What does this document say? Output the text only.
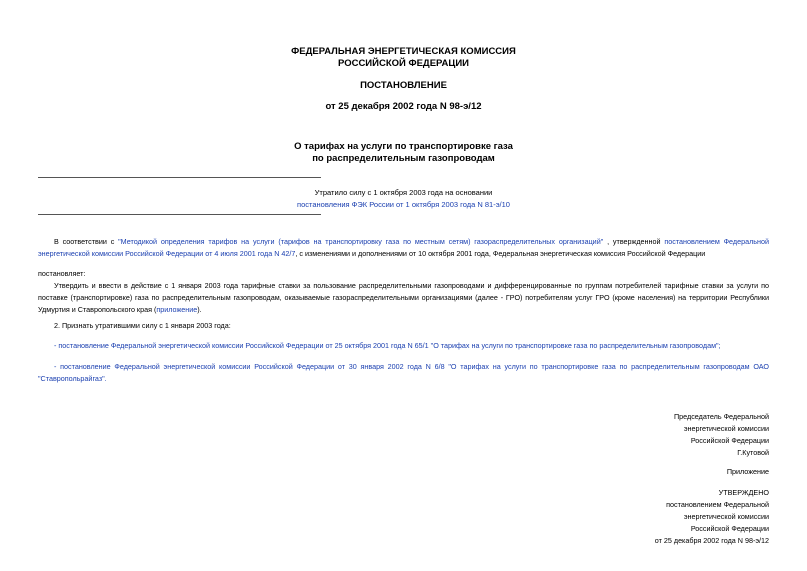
ФЕДЕРАЛЬНАЯ ЭНЕРГЕТИЧЕСКАЯ КОМИССИЯ
РОССИЙСКОЙ ФЕДЕРАЦИИ
ПОСТАНОВЛЕНИЕ
от 25 декабря 2002 года N 98-э/12
О тарифах на услуги по транспортировке газа
по распределительным газопроводам
Утратило силу с 1 октября 2003 года на основании
постановления ФЭК России от 1 октября 2003 года N 81-э/10
В соответствии с "Методикой определения тарифов на услуги (тарифов на транспортировку газа по местным сетям) газораспределительных организаций" , утвержденной постановлением Федеральной энергетической комиссии Российской Федерации от 4 июля 2001 года N 42/7, с изменениями и дополнениями от 10 октября 2001 года, Федеральная энергетическая комиссия Российской Федерации
постановляет:
Утвердить и ввести в действие с 1 января 2003 года тарифные ставки за пользование распределительными газопроводами и дифференцированные по группам потребителей тарифные ставки за услуги по поставке (транспортировке) газа по распределительным газопроводам, оказываемые газораспределительными организациями (далее - ГРО) потребителям услуг ГРО (кроме населения) на территории Республики Удмуртия и Ставропольского края (приложение).
2. Признать утратившими силу с 1 января 2003 года:
- постановление Федеральной энергетической комиссии Российской Федерации от 25 октября 2001 года N 65/1 "О тарифах на услуги по транспортировке газа по распределительным газопроводам";
- постановление Федеральной энергетической комиссии Российской Федерации от 30 января 2002 года N 6/8 "О тарифах на услуги по транспортировке газа по распределительным газопроводам ОАО "Ставропольрайгаз".
Председатель Федеральной
энергетической комиссии
Российской Федерации
Г.Кутовой
Приложение
УТВЕРЖДЕНО
постановлением Федеральной
энергетической комиссии
Российской Федерации
от 25 декабря 2002 года N 98-э/12
